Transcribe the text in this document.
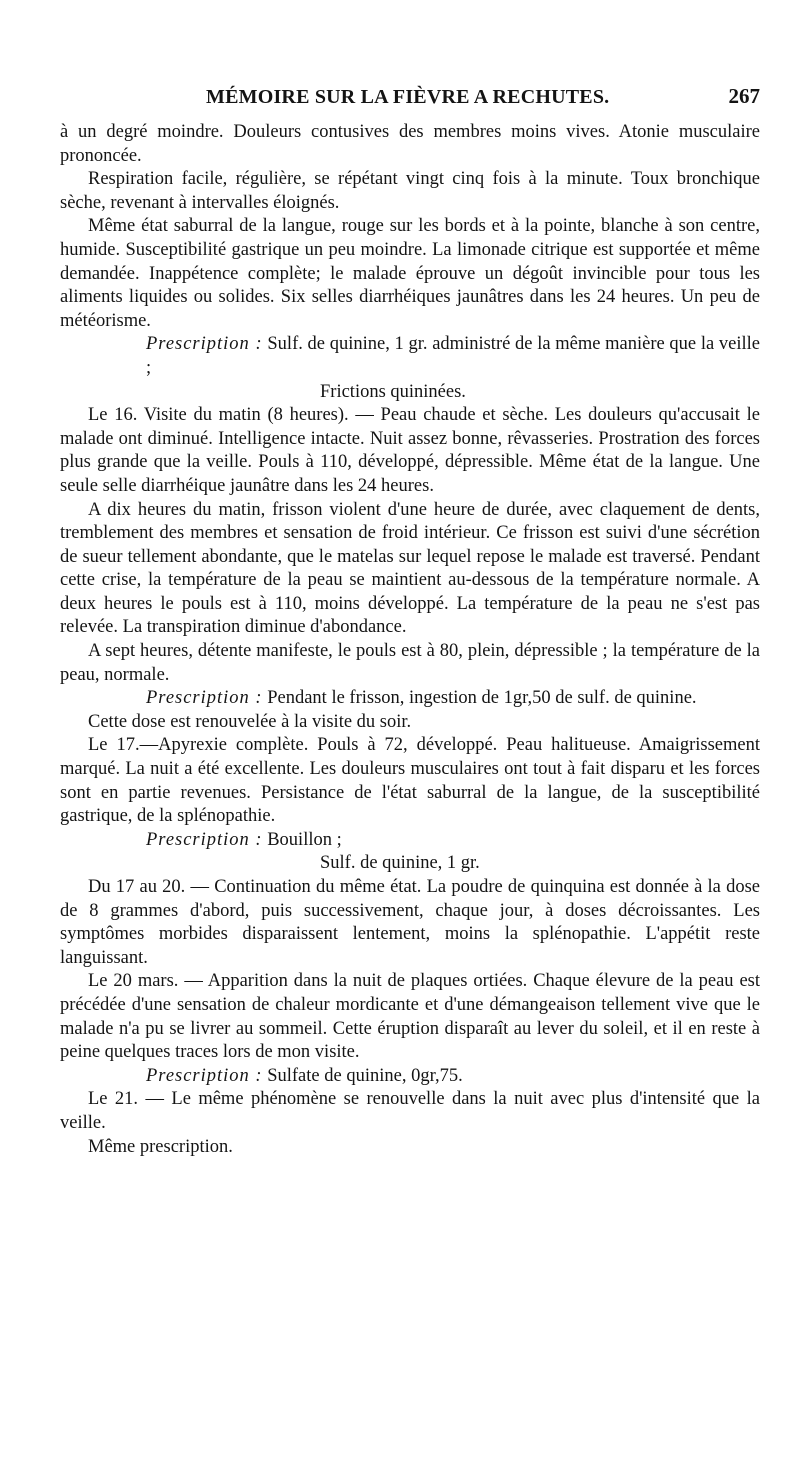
MÉMOIRE SUR LA FIÈVRE A RECHUTES.	267

à un degré moindre. Douleurs contusives des membres moins vives. Atonie musculaire prononcée.

Respiration facile, régulière, se répétant vingt cinq fois à la minute. Toux bronchique sèche, revenant à intervalles éloignés.

Même état saburral de la langue, rouge sur les bords et à la pointe, blanche à son centre, humide. Susceptibilité gastrique un peu moindre. La limonade citrique est supportée et même demandée. Inappétence complète; le malade éprouve un dégoût invincible pour tous les aliments liquides ou solides. Six selles diarrhéiques jaunâtres dans les 24 heures. Un peu de météorisme.

Prescription : Sulf. de quinine, 1 gr. administré de la même manière que la veille ;

Frictions quininées.

Le 16. Visite du matin (8 heures). — Peau chaude et sèche. Les douleurs qu'accusait le malade ont diminué. Intelligence intacte. Nuit assez bonne, rêvasseries. Prostration des forces plus grande que la veille. Pouls à 110, développé, dépressible. Même état de la langue. Une seule selle diarrhéique jaunâtre dans les 24 heures.

A dix heures du matin, frisson violent d'une heure de durée, avec claquement de dents, tremblement des membres et sensation de froid intérieur. Ce frisson est suivi d'une sécrétion de sueur tellement abondante, que le matelas sur lequel repose le malade est traversé. Pendant cette crise, la température de la peau se maintient au-dessous de la température normale. A deux heures le pouls est à 110, moins développé. La température de la peau ne s'est pas relevée. La transpiration diminue d'abondance.

A sept heures, détente manifeste, le pouls est à 80, plein, dépressible ; la température de la peau, normale.

Prescription : Pendant le frisson, ingestion de 1gr,50 de sulf. de quinine.

Cette dose est renouvelée à la visite du soir.

Le 17.—Apyrexie complète. Pouls à 72, développé. Peau halitueuse. Amaigrissement marqué. La nuit a été excellente. Les douleurs musculaires ont tout à fait disparu et les forces sont en partie revenues. Persistance de l'état saburral de la langue, de la susceptibilité gastrique, de la splénopathie.

Prescription : Bouillon ;

Sulf. de quinine, 1 gr.

Du 17 au 20. — Continuation du même état. La poudre de quinquina est donnée à la dose de 8 grammes d'abord, puis successivement, chaque jour, à doses décroissantes. Les symptômes morbides disparaissent lentement, moins la splénopathie. L'appétit reste languissant.

Le 20 mars. — Apparition dans la nuit de plaques ortiées. Chaque élevure de la peau est précédée d'une sensation de chaleur mordicante et d'une démangeaison tellement vive que le malade n'a pu se livrer au sommeil. Cette éruption disparaît au lever du soleil, et il en reste à peine quelques traces lors de mon visite.

Prescription : Sulfate de quinine, 0gr,75.

Le 21. — Le même phénomène se renouvelle dans la nuit avec plus d'intensité que la veille.

Même prescription.
